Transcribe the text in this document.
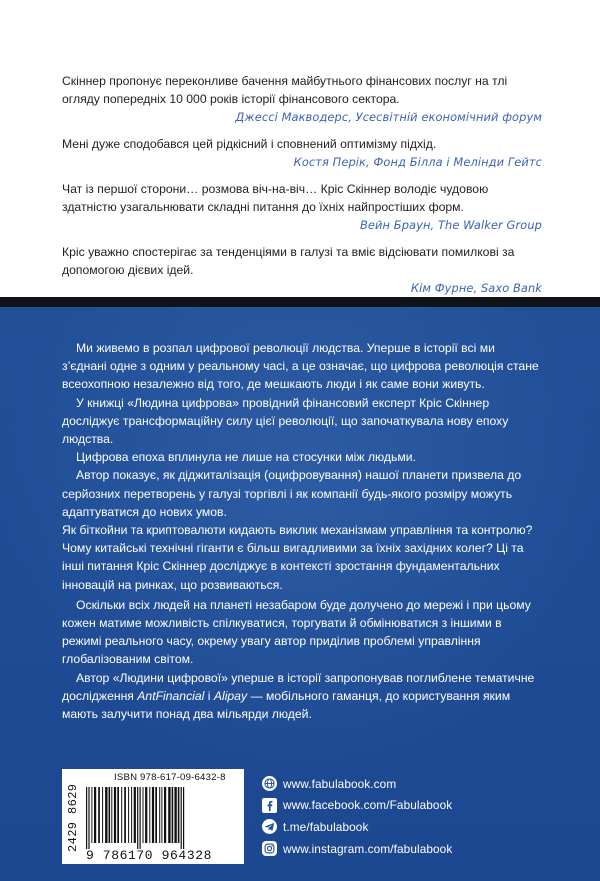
Скіннер пропонує переконливе бачення майбутнього фінансових послуг на тлі огляду попередніх 10 000 років історії фінансового сектора.
Джессі Макводерс, Усесвітній економічний форум
Мені дуже сподобався цей рідкісний і сповнений оптимізму підхід.
Костя Перік, Фонд Білла і Мелінди Гейтс
Чат із першої сторони… розмова віч-на-віч… Кріс Скіннер володіє чудовою здатністю узагальнювати складні питання до їхніх найпростіших форм.
Вейн Браун, The Walker Group
Кріс уважно спостерігає за тенденціями в галузі та вміє відсіювати помилкові за допомогою дієвих ідей.
Кім Фурне, Saxo Bank

Ми живемо в розпал цифрової революції людства. Уперше в історії всі ми з’єднані одне з одним у реальному часі, а це означає, що цифрова революція стане всеохопною незалежно від того, де мешкають люди і як саме вони живуть.

У книжці «Людина цифрова» провідний фінансовий експерт Кріс Скіннер досліджує трансформаційну силу цієї революції, що започаткувала нову епоху людства.

Цифрова епоха вплинула не лише на стосунки між людьми.

Автор показує, як діджиталізація (оцифровування) нашої планети призвела до серйозних перетворень у галузі торгівлі і як компанії будь-якого розміру можуть адаптуватися до нових умов.

Як біткойни та криптовалюти кидають виклик механізмам управління та контролю? Чому китайські технічні гіганти є більш вигадливими за їхніх західних колег? Ці та інші питання Кріс Скіннер досліджує в контексті зростання фундаментальних інновацій на ринках, що розвиваються.

Оскільки всіх людей на планеті незабаром буде долучено до мережі і при цьому кожен матиме можливість спілкуватися, торгувати й обмінюватися з іншими в режимі реального часу, окрему увагу автор приділив проблемі управління глобалізованим світом.

Автор «Людини цифрової» уперше в історії запропонував поглиблене тематичне дослідження AntFinancial і Alipay — мобільного гаманця, до користування яким мають залучити понад два мільярди людей.

ISBN 978-617-09-6432-8
2429 8629
9 786170 964328
www.fabulabook.com
www.facebook.com/Fabulabook
t.me/fabulabook
www.instagram.com/fabulabook
